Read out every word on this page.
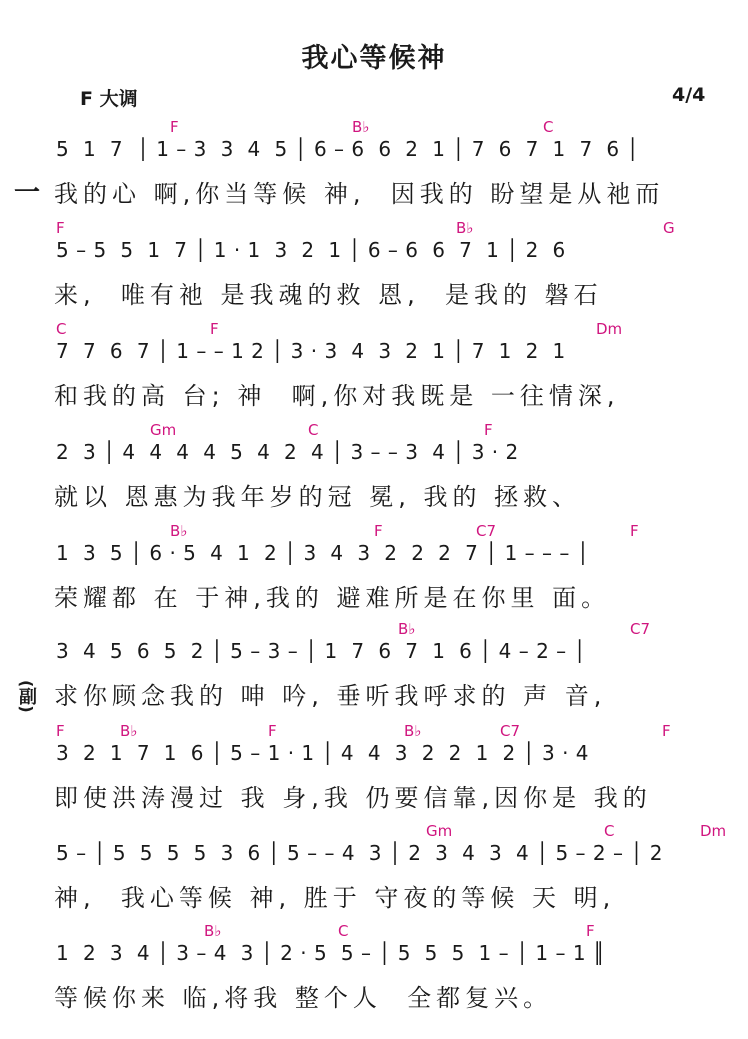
我心等候神
F 大调	4/4
一
(副)
F	B♭	C
5  1  7  │ 1 – 3  3  4  5 │ 6 – 6  6  2  1 │ 7  6  7  1  7  6 │
我的心 啊,你当等候 神,  因我的 盼望是从祂而
F	B♭	G
5 – 5  5  1  7 │ 1 · 1  3  2  1 │ 6 – 6  6  7  1 │ 2  6
来,  唯有祂 是我魂的救 恩,  是我的 磐石
C	F	Dm
7  7  6  7 │ 1 – – 1 2 │ 3 · 3  4  3  2  1 │ 7  1  2  1
和我的高 台; 神  啊,你对我既是 一往情深,
Gm	C	F
2  3 │ 4  4  4  4  5  4  2  4 │ 3 – – 3  4 │ 3 · 2
就以 恩惠为我年岁的冠 冕, 我的 拯救、
B♭	F	C7	F
1  3  5 │ 6 · 5  4  1  2 │ 3  4  3  2  2  2  7 │ 1 – – – │
荣耀都 在 于神,我的 避难所是在你里 面。
B♭	C7
3  4  5  6  5  2 │ 5 – 3 – │ 1  7  6  7  1  6 │ 4 – 2 – │
求你顾念我的 呻 吟, 垂听我呼求的 声 音,
F	B♭	F	B♭	C7	F
3  2  1  7  1  6 │ 5 – 1 · 1 │ 4  4  3  2  2  1  2 │ 3 · 4
即使洪涛漫过 我 身,我 仍要信靠,因你是 我的
Gm	C	Dm
5 – │ 5  5  5  5  3  6 │ 5 – – 4  3 │ 2  3  4  3  4 │ 5 – 2 – │ 2
神,  我心等候 神, 胜于 守夜的等候 天 明,
B♭	C	F
1  2  3  4 │ 3 – 4  3 │ 2 · 5  5 – │ 5  5  5  1 – │ 1 – 1 ║
等候你来 临,将我 整个人  全都复兴。
